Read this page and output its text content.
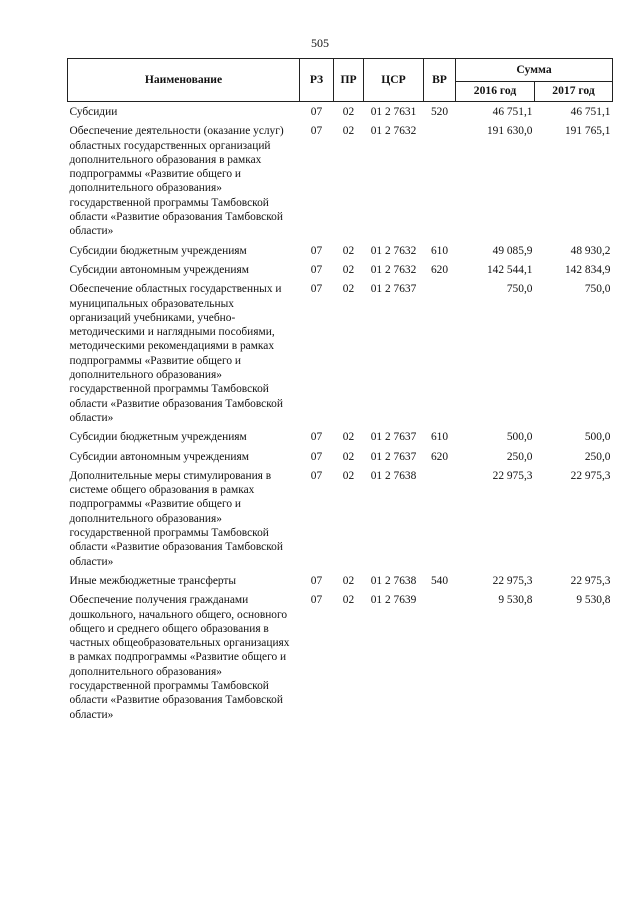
505
Наименование	РЗ	ПР	ЦСР	ВР	Сумма	
					2016 год	2017 год
Субсидии	07	02	01 2 7631	520	46 751,1	46 751,1
Обеспечение деятельности (оказание услуг) областных государственных организаций дополнительного образования в рамках подпрограммы «Развитие общего и дополнительного образования» государственной программы Тамбовской области «Развитие образования Тамбовской области»	07	02	01 2 7632		191 630,0	191 765,1
Субсидии бюджетным учреждениям	07	02	01 2 7632	610	49 085,9	48 930,2
Субсидии автономным учреждениям	07	02	01 2 7632	620	142 544,1	142 834,9
Обеспечение областных государственных и муниципальных образовательных организаций учебниками, учебно-методическими и наглядными пособиями, методическими рекомендациями в рамках подпрограммы «Развитие общего и дополнительного образования» государственной программы Тамбовской области «Развитие образования Тамбовской области»	07	02	01 2 7637		750,0	750,0
Субсидии бюджетным учреждениям	07	02	01 2 7637	610	500,0	500,0
Субсидии автономным учреждениям	07	02	01 2 7637	620	250,0	250,0
Дополнительные меры стимулирования в системе общего образования в рамках подпрограммы «Развитие общего и дополнительного образования» государственной программы Тамбовской области «Развитие образования Тамбовской области»	07	02	01 2 7638		22 975,3	22 975,3
Иные межбюджетные трансферты	07	02	01 2 7638	540	22 975,3	22 975,3
Обеспечение получения гражданами дошкольного, начального общего, основного общего и среднего общего образования в частных общеобразовательных организациях в рамках подпрограммы «Развитие общего и дополнительного образования» государственной программы Тамбовской области «Развитие образования Тамбовской области»	07	02	01 2 7639		9 530,8	9 530,8
